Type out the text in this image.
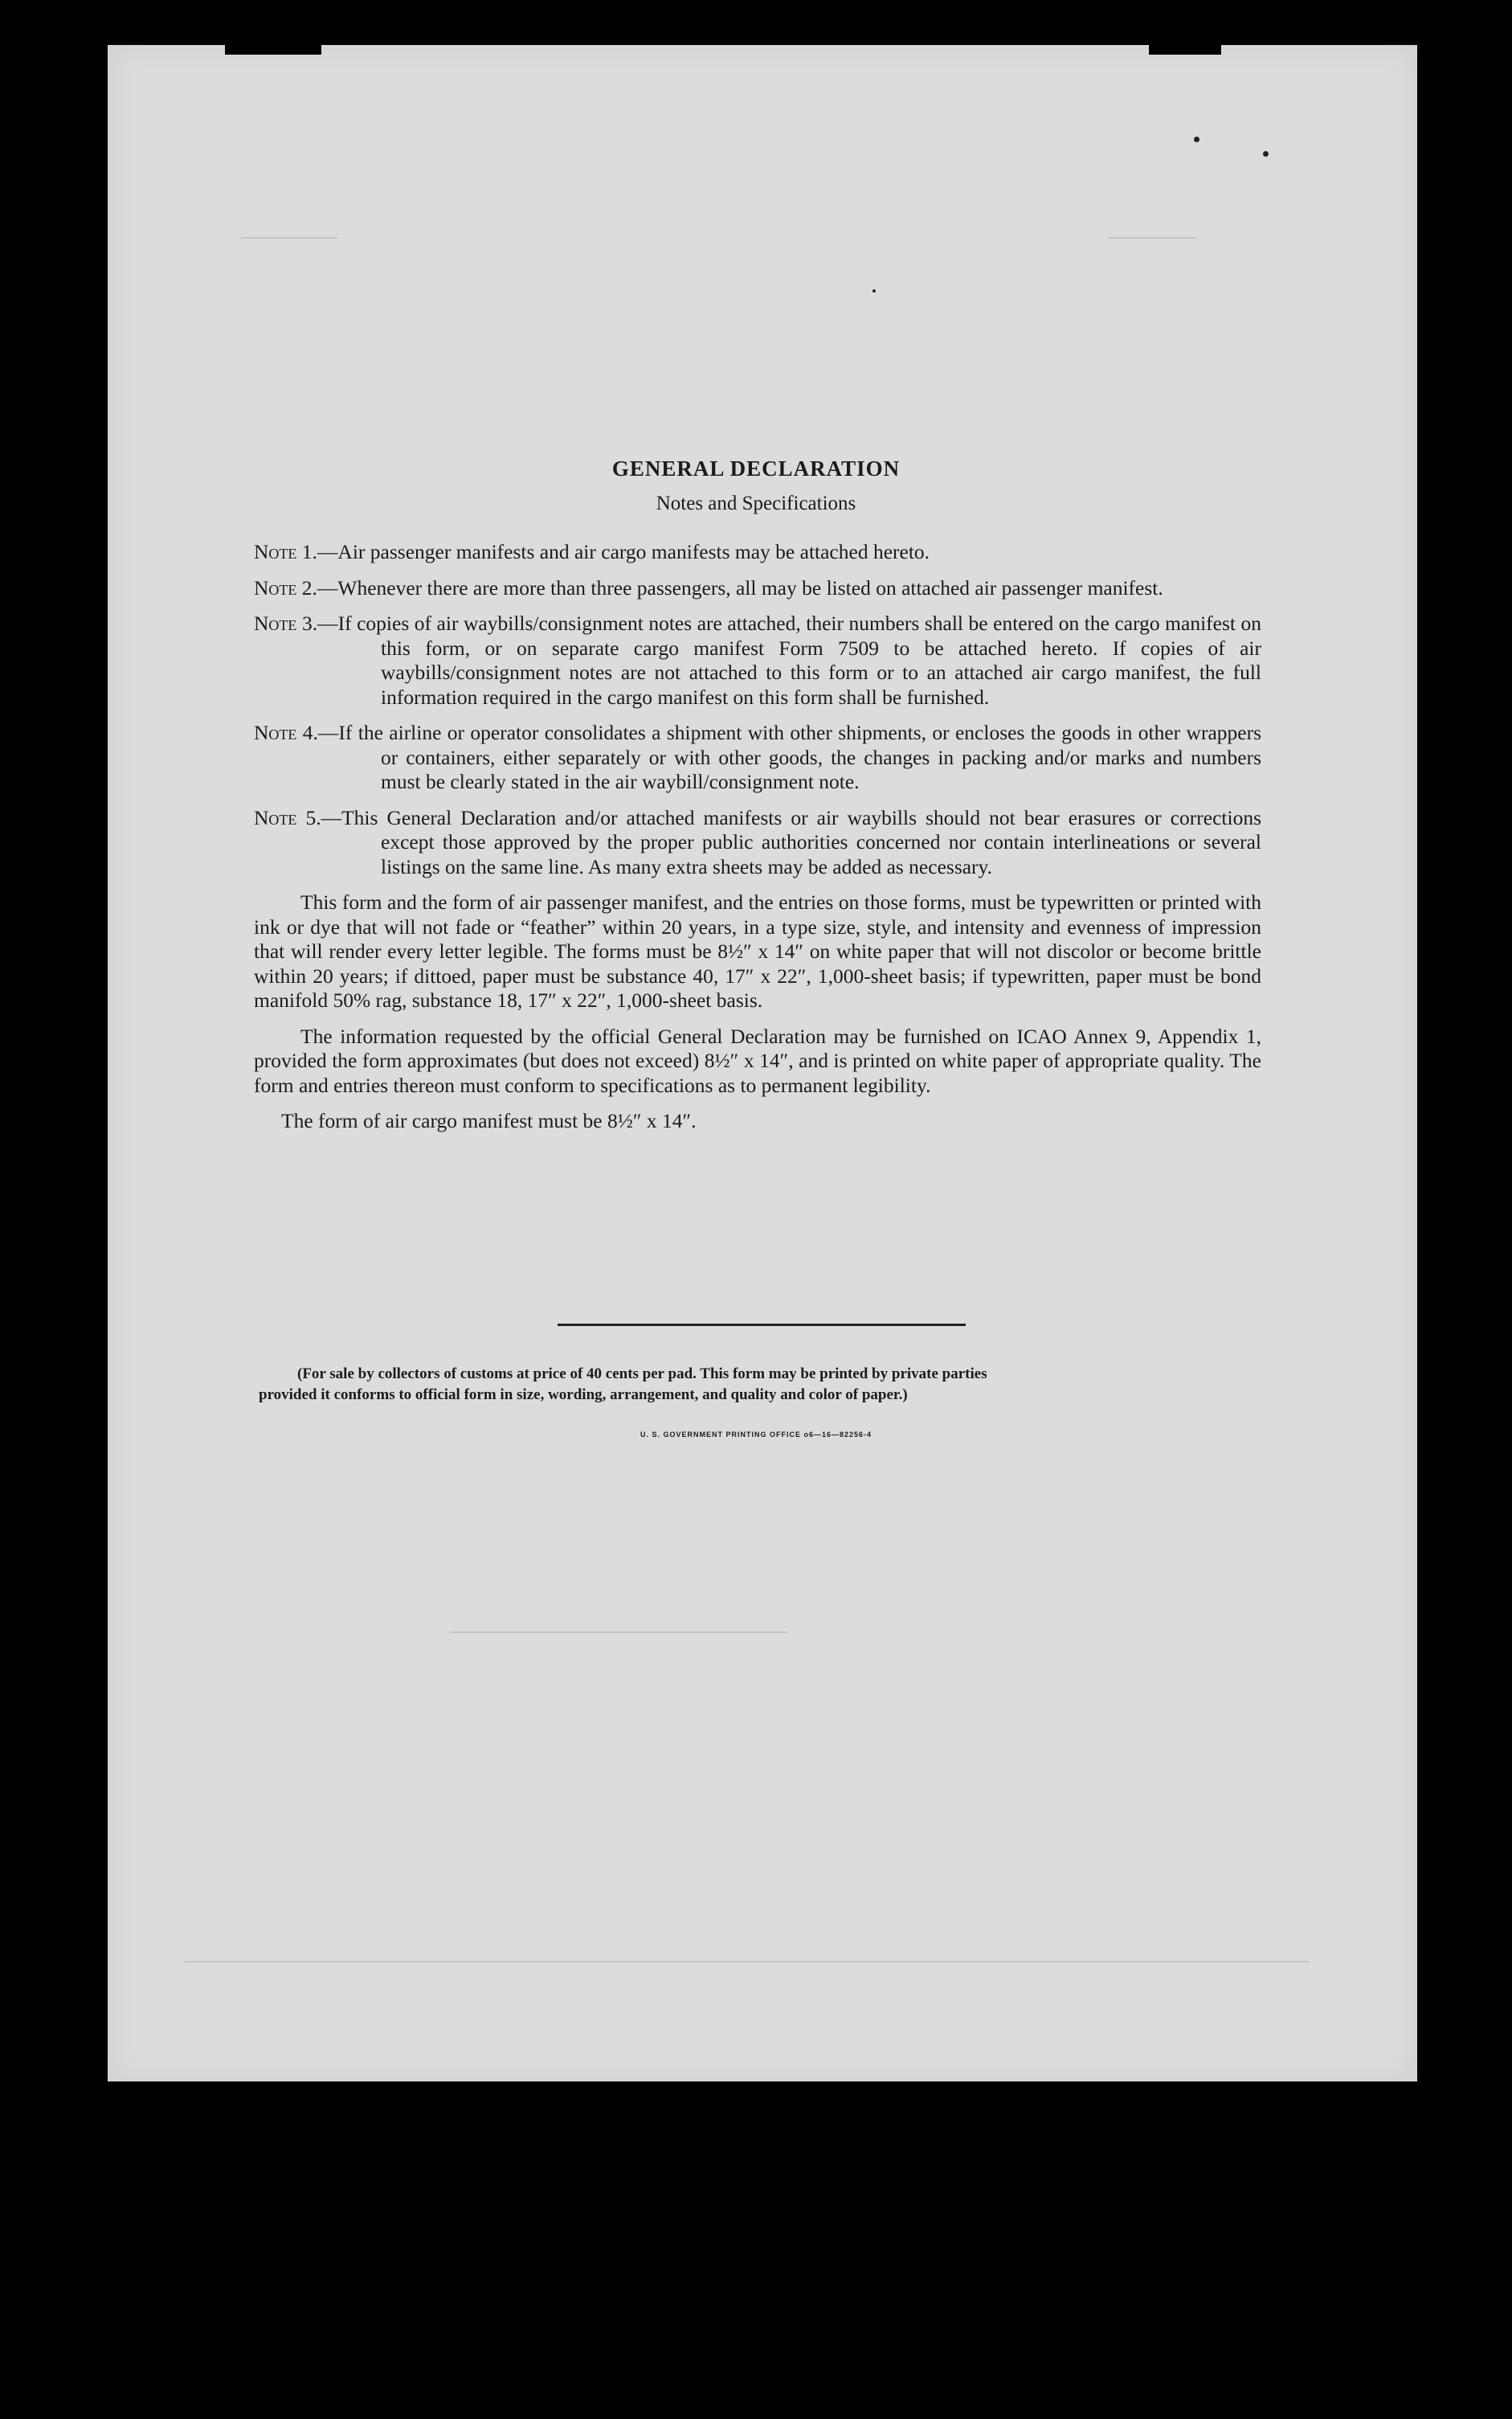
GENERAL DECLARATION
Notes and Specifications

Note 1.—Air passenger manifests and air cargo manifests may be attached hereto.

Note 2.—Whenever there are more than three passengers, all may be listed on attached air passenger manifest.

Note 3.—If copies of air waybills/consignment notes are attached, their numbers shall be entered on the cargo manifest on this form, or on separate cargo manifest Form 7509 to be attached hereto. If copies of air waybills/consignment notes are not attached to this form or to an attached air cargo manifest, the full information required in the cargo manifest on this form shall be furnished.

Note 4.—If the airline or operator consolidates a shipment with other shipments, or encloses the goods in other wrappers or containers, either separately or with other goods, the changes in packing and/or marks and numbers must be clearly stated in the air waybill/consignment note.

Note 5.—This General Declaration and/or attached manifests or air waybills should not bear erasures or corrections except those approved by the proper public authorities concerned nor contain interlineations or several listings on the same line. As many extra sheets may be added as necessary.

This form and the form of air passenger manifest, and the entries on those forms, must be typewritten or printed with ink or dye that will not fade or “feather” within 20 years, in a type size, style, and intensity and evenness of impression that will render every letter legible. The forms must be 8½″ x 14″ on white paper that will not discolor or become brittle within 20 years; if dittoed, paper must be substance 40, 17″ x 22″, 1,000-sheet basis; if typewritten, paper must be bond manifold 50% rag, substance 18, 17″ x 22″, 1,000-sheet basis.

The information requested by the official General Declaration may be furnished on ICAO Annex 9, Appendix 1, provided the form approximates (but does not exceed) 8½″ x 14″, and is printed on white paper of appropriate quality. The form and entries thereon must conform to specifications as to permanent legibility.

The form of air cargo manifest must be 8½″ x 14″.

(For sale by collectors of customs at price of 40 cents per pad. This form may be printed by private parties
provided it conforms to official form in size, wording, arrangement, and quality and color of paper.)
U. S. GOVERNMENT PRINTING OFFICE o6—16—82256-4
